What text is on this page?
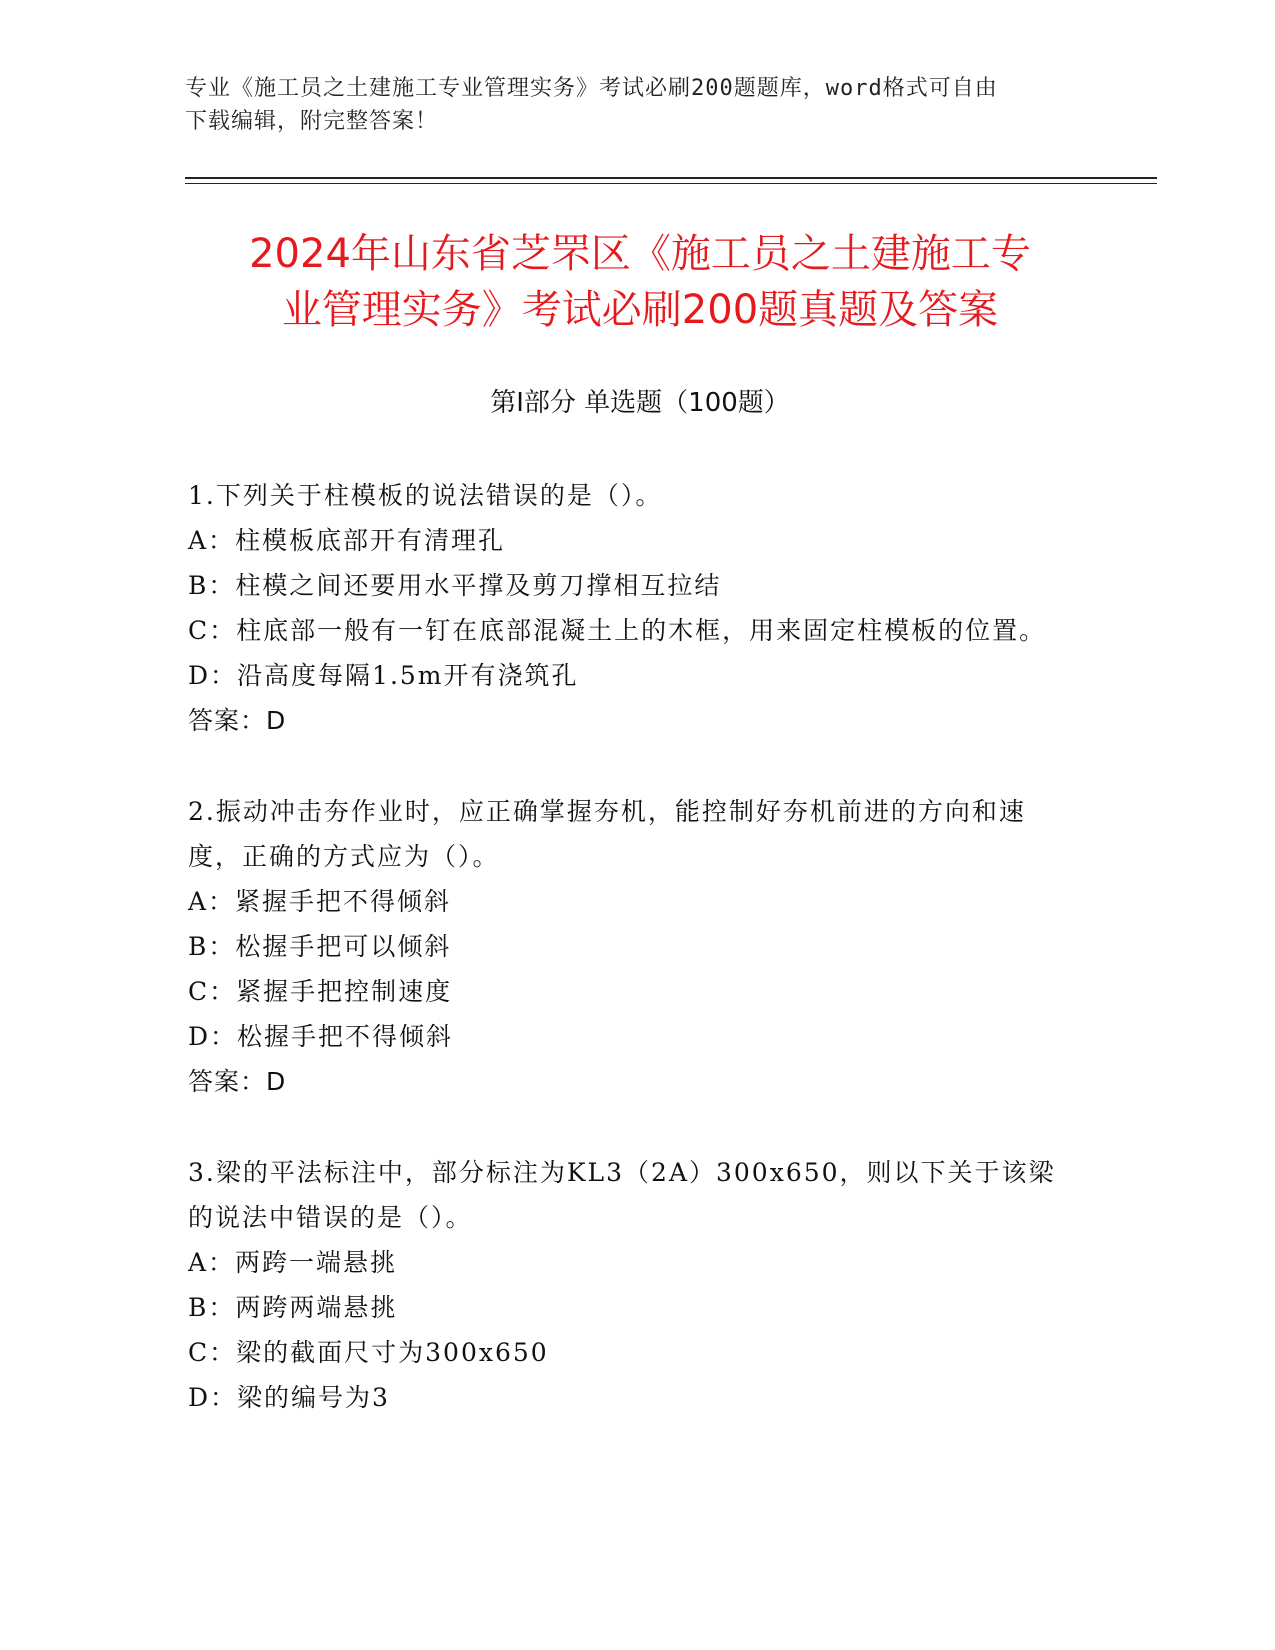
专业《施工员之土建施工专业管理实务》考试必刷200题题库，word格式可自由
下载编辑，附完整答案！
2024年山东省芝罘区《施工员之土建施工专
业管理实务》考试必刷200题真题及答案
第I部分 单选题（100题）
1.下列关于柱模板的说法错误的是（）。
A：柱模板底部开有清理孔
B：柱模之间还要用水平撑及剪刀撑相互拉结
C：柱底部一般有一钉在底部混凝土上的木框，用来固定柱模板的位置。
D：沿高度每隔1.5m开有浇筑孔
答案：D
2.振动冲击夯作业时，应正确掌握夯机，能控制好夯机前进的方向和速度，正确的方式应为（）。
A：紧握手把不得倾斜
B：松握手把可以倾斜
C：紧握手把控制速度
D：松握手把不得倾斜
答案：D
3.梁的平法标注中，部分标注为KL3（2A）300x650，则以下关于该梁的说法中错误的是（）。
A：两跨一端悬挑
B：两跨两端悬挑
C：梁的截面尺寸为300x650
D：梁的编号为3
